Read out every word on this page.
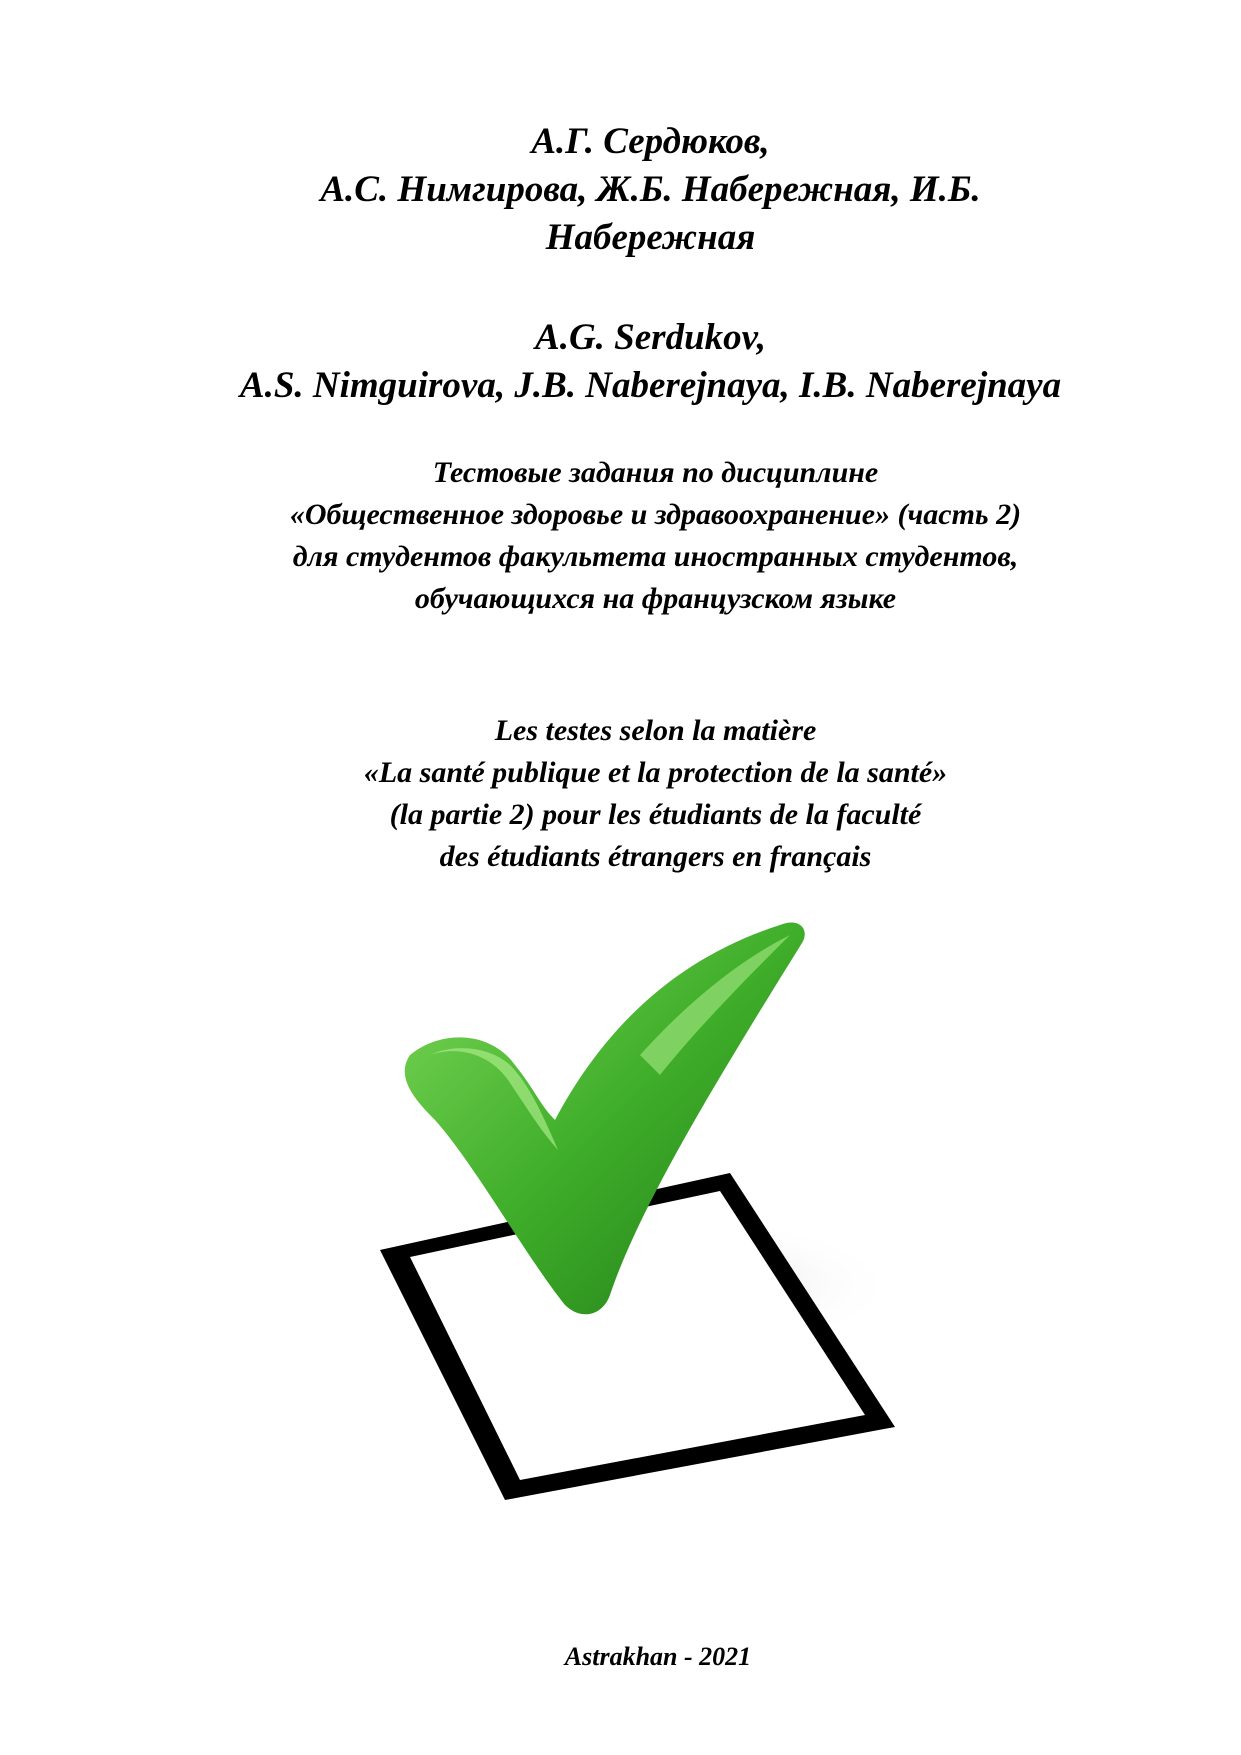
А.Г. Сердюков,
А.С. Нимгирова, Ж.Б. Набережная, И.Б.
Набережная
A.G. Serdukov,
A.S. Nimguirova, J.B. Naberejnaya, I.B. Naberejnaya
Тестовые задания по дисциплине
«Общественное здоровье и здравоохранение» (часть 2)
для студентов факультета иностранных студентов,
обучающихся на французском языке
Les testes selon la matière
«La santé publique et la protection de la santé»
(la partie 2) pour les étudiants de la faculté
des étudiants étrangers en français
Astrakhan - 2021
